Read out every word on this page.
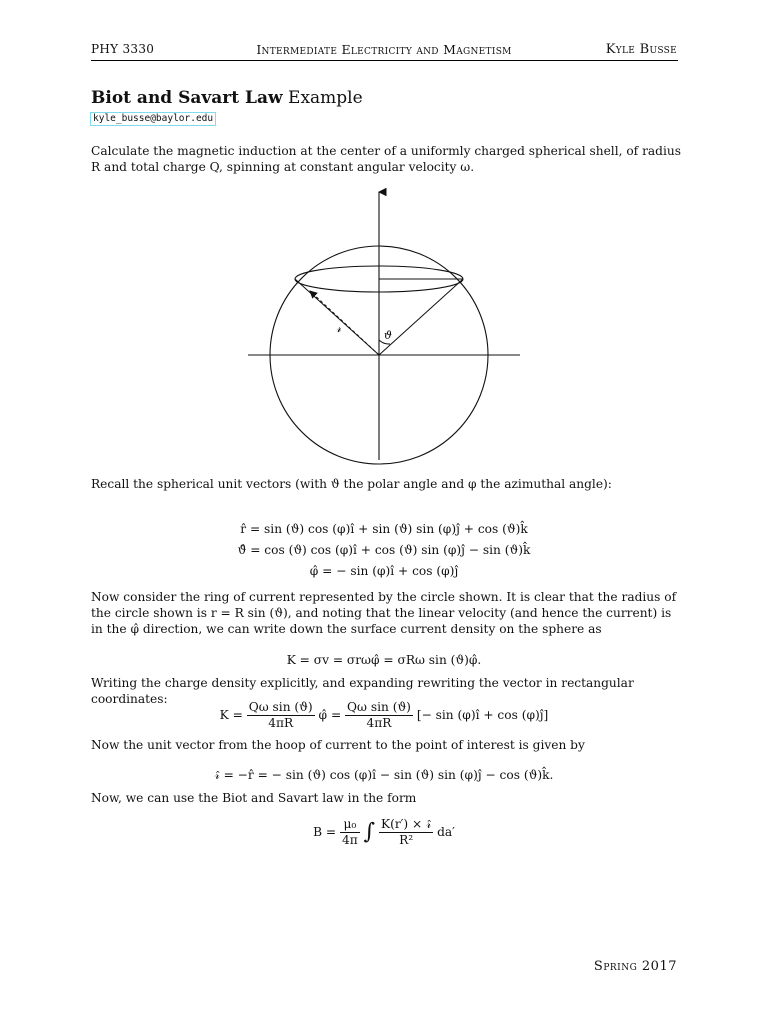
PHY 3330	Intermediate Electricity and Magnetism	Kyle Busse
Biot and Savart Law Example
kyle_busse@baylor.edu
Calculate the magnetic induction at the center of a uniformly charged spherical shell, of radius R and total charge Q, spinning at constant angular velocity ω.
𝓇
ϑ
Recall the spherical unit vectors (with ϑ the polar angle and φ the azimuthal angle):
r̂ = sin (ϑ) cos (φ)ı̂ + sin (ϑ) sin (φ)ȷ̂ + cos (ϑ)k̂
ϑ̂ = cos (ϑ) cos (φ)ı̂ + cos (ϑ) sin (φ)ȷ̂ − sin (ϑ)k̂
φ̂ = − sin (φ)ı̂ + cos (φ)ȷ̂
Now consider the ring of current represented by the circle shown. It is clear that the radius of the circle shown is r = R sin (ϑ), and noting that the linear velocity (and hence the current) is in the φ̂ direction, we can write down the surface current density on the sphere as
K = σv = σrωφ̂ = σRω sin (ϑ)φ̂.
Writing the charge density explicitly, and expanding rewriting the vector in rectangular coordinates:
$K = \frac{\text{Qω sin (ϑ)}}{4\pi R}$ φ̂ = $\frac{\text{Qω sin (ϑ)}}{4\pi R}$ [− sin (φ)ı̂ + cos (φ)ȷ̂]
Now the unit vector from the hoop of current to the point of interest is given by
𝓇̂ = −r̂ = − sin (ϑ) cos (φ)ı̂ − sin (ϑ) sin (φ)ȷ̂ − cos (ϑ)k̂.
Now, we can use the Biot and Savart law in the form
$B = \frac{\text{μ₀}}{4\pi}$ ∫ $\frac{\text{K(r′) × 𝓇̂}}{\text{R²}} da'$
Spring 2017
